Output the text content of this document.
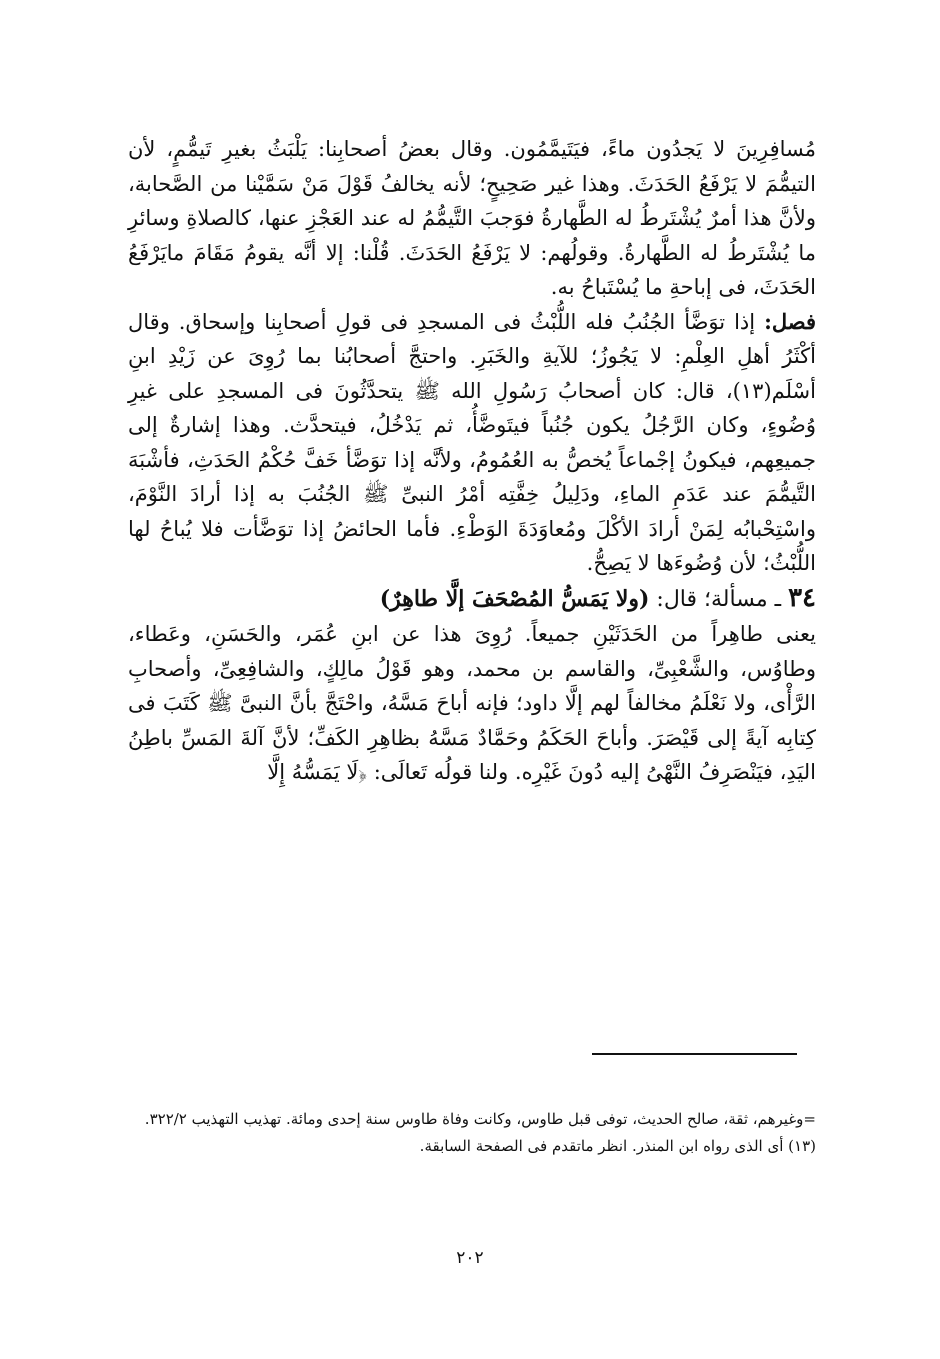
مُسافِرِينَ لا يَجدُون ماءً، فيَتَيمَّمُون. وقال بعضُ أصحابِنا: يَلْبَثُ بغيرِ تَيمُّمٍ، لأن التيمُّمَ لا يَرْفَعُ الحَدَثَ. وهذا غير صَحِيحٍ؛ لأنه يخالفُ قَوْلَ مَنْ سَمَّيْنا من الصَّحابة، ولأنَّ هذا أمرٌ يُشْتَرطُ له الطَّهارةُ فوَجبَ التَّيمُّمُ له عند العَجْزِ عنها، كالصلاةِ وسائرِ ما يُشْتَرطُ له الطَّهارةُ. وقولُهم: لا يَرْفَعُ الحَدَثَ. قُلْنا: إلا أنَّه يقومُ مَقَامَ مايَرْفَعُ الحَدَثَ، فى إباحةِ ما يُسْتَباحُ به.

فصل: إذا توَضَّأ الجُنُبُ فله اللُّبْثُ فى المسجدِ فى قولِ أصحابِنا وإسحاق. وقال أكْثَرُ أهلِ العِلْمِ: لا يَجُوزُ؛ للآيةِ والخَبَرِ. واحتجَّ أصحابُنا بما رُوِىَ عن زَيْدِ ابنِ أسْلَم(١٣)، قال: كان أصحابُ رَسُولِ الله ﷺ يتحدَّثُونَ فى المسجدِ على غيرِ وُضُوءٍ، وكان الرَّجُلُ يكون جُنُباً فيتَوضَّأُ، ثم يَدْخُلُ، فيتحدَّث. وهذا إشارةٌ إلى جميعِهم، فيكونُ إجْماعاً يُخصُّ به العُمُومُ، ولأنَّه إذا توَضَّأ خَفَّ حُكْمُ الحَدَثِ، فأشْبَهَ التَّيمُّمَ عند عَدَمِ الماءِ، ودَلِيلُ خِفَّتِه أمْرُ النبىِّ ﷺ الجُنُبَ به إذا أرادَ النَّوْمَ، واسْتِحْبابُه لِمَنْ أرادَ الأكْلَ ومُعاوَدَةَ الوَطْءِ. فأما الحائضُ إذا توَضَّأت فلا يُباحُ لها اللُّبْثُ؛ لأن وُضُوءَها لا يَصِحُّ.

٣٤ ـ مسألة؛ قال: (ولا يَمَسُّ المُصْحَفَ إلَّا طاهِرٌ)

يعنى طاهِراً من الحَدَثَيْنِ جميعاً. رُوِىَ هذا عن ابنِ عُمَر، والحَسَنِ، وعَطاء، وطاوُس، والشَّعْبِىِّ، والقاسم بن محمد، وهو قَوْلُ مالِكٍ، والشافِعِىِّ، وأصحابِ الرَّأْى، ولا نَعْلَمُ مخالفاً لهم إلَّا داود؛ فإنه أباحَ مَسَّهُ، واحْتَجَّ بأنَّ النبىَّ ﷺ كَتَبَ فى كِتابِه آيةً إلى قَيْصَرَ. وأباحَ الحَكَمُ وحَمَّادٌ مَسَّهُ بظاهِرِ الكَفِّ؛ لأنَّ آلةَ المَسِّ باطِنُ اليَدِ، فيَنْصَرِفُ النَّهْىُ إليه دُونَ غَيْرِه. ولنا قولُه تَعالَى: ﴿لَا يَمَسُّهُ إِلَّا

=وغيرهم، ثقة، صالح الحديث، توفى قبل طاوس، وكانت وفاة طاوس سنة إحدى ومائة. تهذيب التهذيب ٣٢٢/٢.

(١٣) أى الذى رواه ابن المنذر. انظر ماتقدم فى الصفحة السابقة.

٢٠٢
